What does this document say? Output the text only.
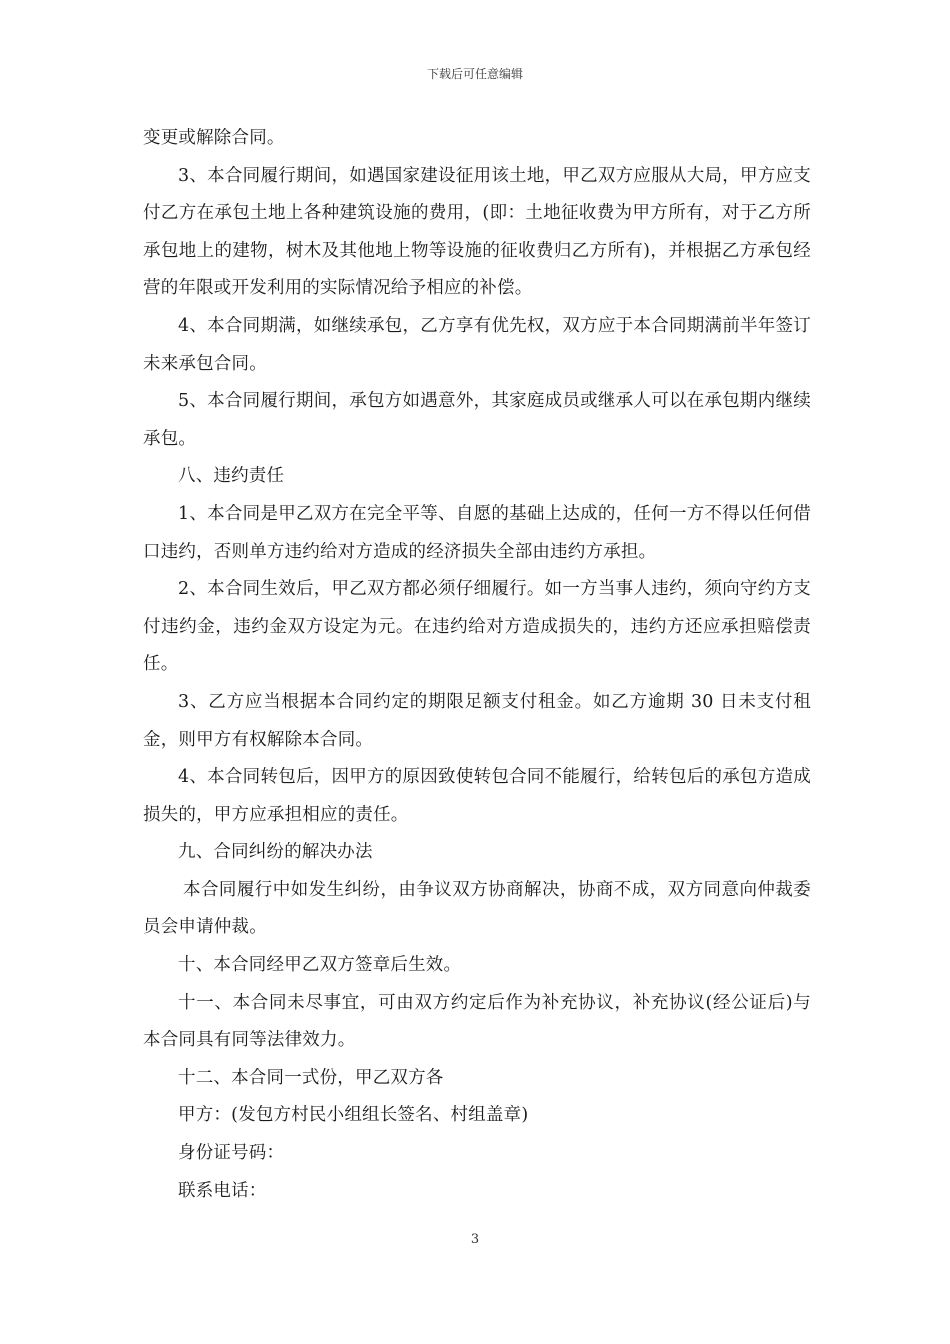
下载后可任意编辑

变更或解除合同。

3、本合同履行期间，如遇国家建设征用该土地，甲乙双方应服从大局，甲方应支付乙方在承包土地上各种建筑设施的费用，(即：土地征收费为甲方所有，对于乙方所承包地上的建物，树木及其他地上物等设施的征收费归乙方所有)，并根据乙方承包经营的年限或开发利用的实际情况给予相应的补偿。

4、本合同期满，如继续承包，乙方享有优先权，双方应于本合同期满前半年签订未来承包合同。

5、本合同履行期间，承包方如遇意外，其家庭成员或继承人可以在承包期内继续承包。

八、违约责任

1、本合同是甲乙双方在完全平等、自愿的基础上达成的，任何一方不得以任何借口违约，否则单方违约给对方造成的经济损失全部由违约方承担。

2、本合同生效后，甲乙双方都必须仔细履行。如一方当事人违约，须向守约方支付违约金，违约金双方设定为元。在违约给对方造成损失的，违约方还应承担赔偿责任。

3、乙方应当根据本合同约定的期限足额支付租金。如乙方逾期 30 日未支付租金，则甲方有权解除本合同。

4、本合同转包后，因甲方的原因致使转包合同不能履行，给转包后的承包方造成损失的，甲方应承担相应的责任。

九、合同纠纷的解决办法

本合同履行中如发生纠纷，由争议双方协商解决，协商不成，双方同意向仲裁委员会申请仲裁。

十、本合同经甲乙双方签章后生效。

十一、本合同未尽事宜，可由双方约定后作为补充协议，补充协议(经公证后)与本合同具有同等法律效力。

十二、本合同一式份，甲乙双方各

甲方：(发包方村民小组组长签名、村组盖章)

身份证号码：

联系电话：

3
